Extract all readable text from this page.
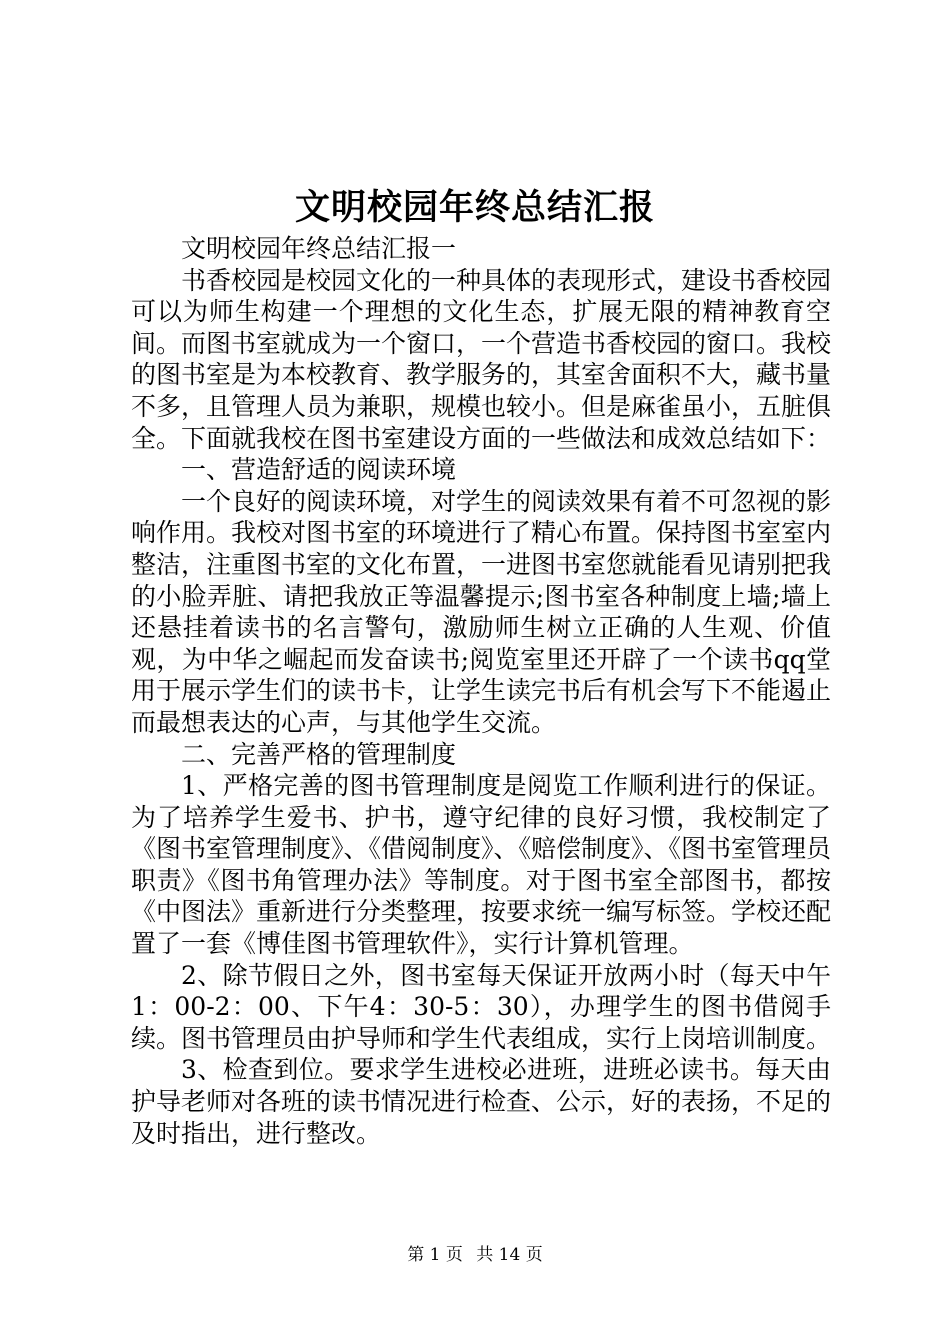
文明校园年终总结汇报

文明校园年终总结汇报一

书香校园是校园文化的一种具体的表现形式，建设书香校园可以为师生构建一个理想的文化生态，扩展无限的精神教育空间。而图书室就成为一个窗口，一个营造书香校园的窗口。我校的图书室是为本校教育、教学服务的，其室舍面积不大，藏书量不多，且管理人员为兼职，规模也较小。但是麻雀虽小，五脏俱全。下面就我校在图书室建设方面的一些做法和成效总结如下：

一、营造舒适的阅读环境

一个良好的阅读环境，对学生的阅读效果有着不可忽视的影响作用。我校对图书室的环境进行了精心布置。保持图书室室内整洁，注重图书室的文化布置，一进图书室您就能看见请别把我的小脸弄脏、请把我放正等温馨提示;图书室各种制度上墙;墙上还悬挂着读书的名言警句，激励师生树立正确的人生观、价值观，为中华之崛起而发奋读书;阅览室里还开辟了一个读书qq堂用于展示学生们的读书卡，让学生读完书后有机会写下不能遏止而最想表达的心声，与其他学生交流。

二、完善严格的管理制度

1、严格完善的图书管理制度是阅览工作顺利进行的保证。为了培养学生爱书、护书，遵守纪律的良好习惯，我校制定了《图书室管理制度》、《借阅制度》、《赔偿制度》、《图书室管理员职责》《图书角管理办法》等制度。对于图书室全部图书，都按《中图法》重新进行分类整理，按要求统一编写标签。学校还配置了一套《博佳图书管理软件》，实行计算机管理。

2、除节假日之外，图书室每天保证开放两小时（每天中午1：00-2：00、下午4：30-5：30），办理学生的图书借阅手续。图书管理员由护导师和学生代表组成，实行上岗培训制度。

3、检查到位。要求学生进校必进班，进班必读书。每天由护导老师对各班的读书情况进行检查、公示，好的表扬，不足的及时指出，进行整改。

第 1 页 共 14 页
